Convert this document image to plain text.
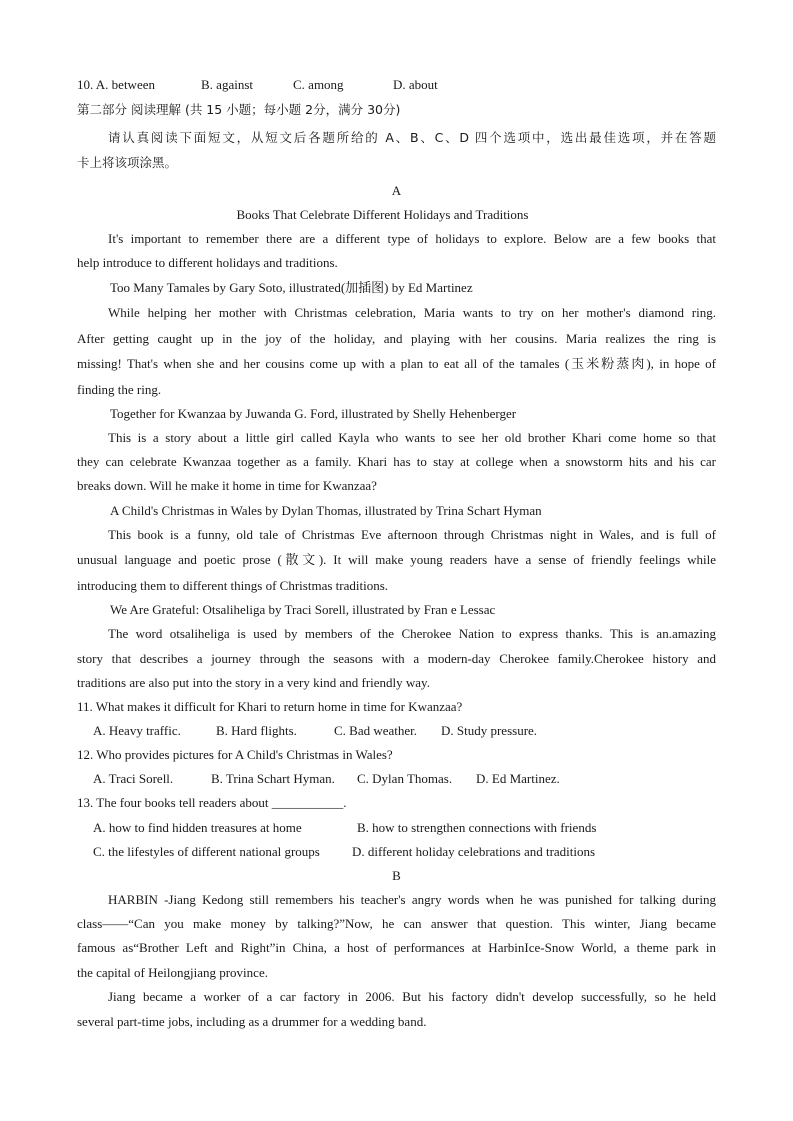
10. A. between	B. against	C. among	D. about
第二部分 阅读理解 (共 15 小题；每小题 2分，满分 30分)
请认真阅读下面短文，从短文后各题所给的 A、B、C、D 四个选项中，选出最佳选项，并在答题
卡上将该项涂黑。
A
Books That Celebrate Different Holidays and Traditions
It's important to remember there are a different type of holidays to explore. Below are a few books that
help introduce to different holidays and traditions.
Too Many Tamales by Gary Soto, illustrated(加插图) by Ed Martinez
While helping her mother with Christmas celebration, Maria wants to try on her mother's diamond ring.
After getting caught up in the joy of the holiday, and playing with her cousins. Maria realizes the ring is
missing! That's when she and her cousins come up with a plan to eat all of the tamales (玉米粉蒸肉), in hope of
finding the ring.
Together for Kwanzaa by Juwanda G. Ford, illustrated by Shelly Hehenberger
This is a story about a little girl called Kayla who wants to see her old brother Khari come home so that
they can celebrate Kwanzaa together as a family. Khari has to stay at college when a snowstorm hits and his car
breaks down. Will he make it home in time for Kwanzaa?
A Child's Christmas in Wales by Dylan Thomas, illustrated by Trina Schart Hyman
This book is a funny, old tale of Christmas Eve afternoon through Christmas night in Wales, and is full of
unusual language and poetic prose (散文). It will make young readers have a sense of friendly feelings while
introducing them to different things of Christmas traditions.
We Are Grateful: Otsaliheliga by Traci Sorell, illustrated by Fran e Lessac
The word otsaliheliga is used by members of the Cherokee Nation to express thanks. This is an.amazing
story that describes a journey through the seasons with a modern-day Cherokee family.Cherokee history and
traditions are also put into the story in a very kind and friendly way.
11. What makes it difficult for Khari to return home in time for Kwanzaa?
A. Heavy traffic.	B. Hard flights.	C. Bad weather. D. Study pressure.
12. Who provides pictures for A Child's Christmas in Wales?
A. Traci Sorell.	B. Trina Schart Hyman. C. Dylan Thomas. D. Ed Martinez.
13. The four books tell readers about ___________.
A. how to find hidden treasures at home	B. how to strengthen connections with friends
C. the lifestyles of different national groups D. different holiday celebrations and traditions
B
HARBIN -Jiang Kedong still remembers his teacher's angry words when he was punished for talking during
class——“Can you make money by talking?”Now, he can answer that question. This winter, Jiang became
famous as“Brother Left and Right”in China, a host of performances at HarbinIce-Snow World, a theme park in
the capital of Heilongjiang province.
Jiang became a worker of a car factory in 2006. But his factory didn't develop successfully, so he held
several part-time jobs, including as a drummer for a wedding band.
